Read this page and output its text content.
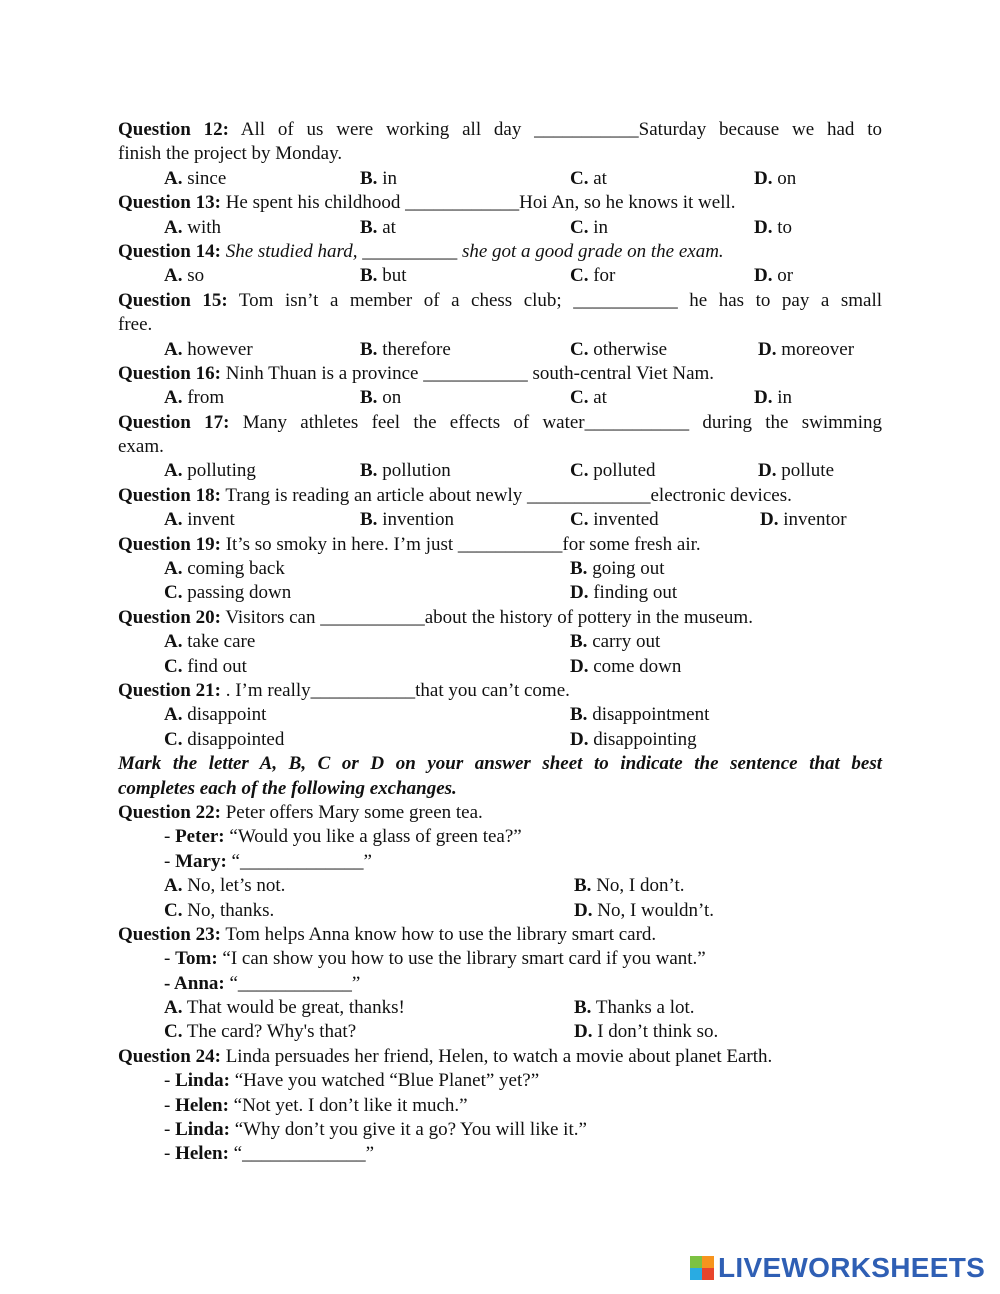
Question 12: All of us were working all day ___________Saturday because we had to
finish the project by Monday.
A. since	B. in	C. at	D. on
Question 13: He spent his childhood ____________Hoi An, so he knows it well.
A. with	B. at	C. in	D. to
Question 14: She studied hard, __________ she got a good grade on the exam.
A. so	B. but	C. for	D. or
Question 15: Tom isn’t a member of a chess club; ___________ he has to pay a small
free.
A. however	B. therefore	C. otherwise	D. moreover
Question 16: Ninh Thuan is a province ___________ south-central Viet Nam.
A. from	B. on	C. at	D. in
Question 17: Many athletes feel the effects of water___________ during the swimming
exam.
A. polluting	B. pollution	C. polluted	D. pollute
Question 18: Trang is reading an article about newly _____________electronic devices.
A. invent	B. invention	C. invented	D. inventor
Question 19: It’s so smoky in here. I’m just ___________for some fresh air.
A. coming back	B. going out
C. passing down	D. finding out
Question 20: Visitors can ___________about the history of pottery in the museum.
A. take care	B. carry out
C. find out	D. come down
Question 21: . I’m really___________that you can’t come.
A. disappoint	B. disappointment
C. disappointed	D. disappointing
Mark the letter A, B, C or D on your answer sheet to indicate the sentence that best
completes each of the following exchanges.
Question 22: Peter offers Mary some green tea.
- Peter: “Would you like a glass of green tea?”
- Mary: “_____________”
A. No, let’s not.	B. No, I don’t.
C. No, thanks.	D. No, I wouldn’t.
Question 23: Tom helps Anna know how to use the library smart card.
- Tom: “I can show you how to use the library smart card if you want.”
- Anna: “____________”
A. That would be great, thanks!	B. Thanks a lot.
C. The card? Why's that?	D. I don’t think so.
Question 24: Linda persuades her friend, Helen, to watch a movie about planet Earth.
- Linda: “Have you watched “Blue Planet” yet?”
- Helen: “Not yet. I don’t like it much.”
- Linda: “Why don’t you give it a go? You will like it.”
- Helen: “_____________”
LIVEWORKSHEETS
